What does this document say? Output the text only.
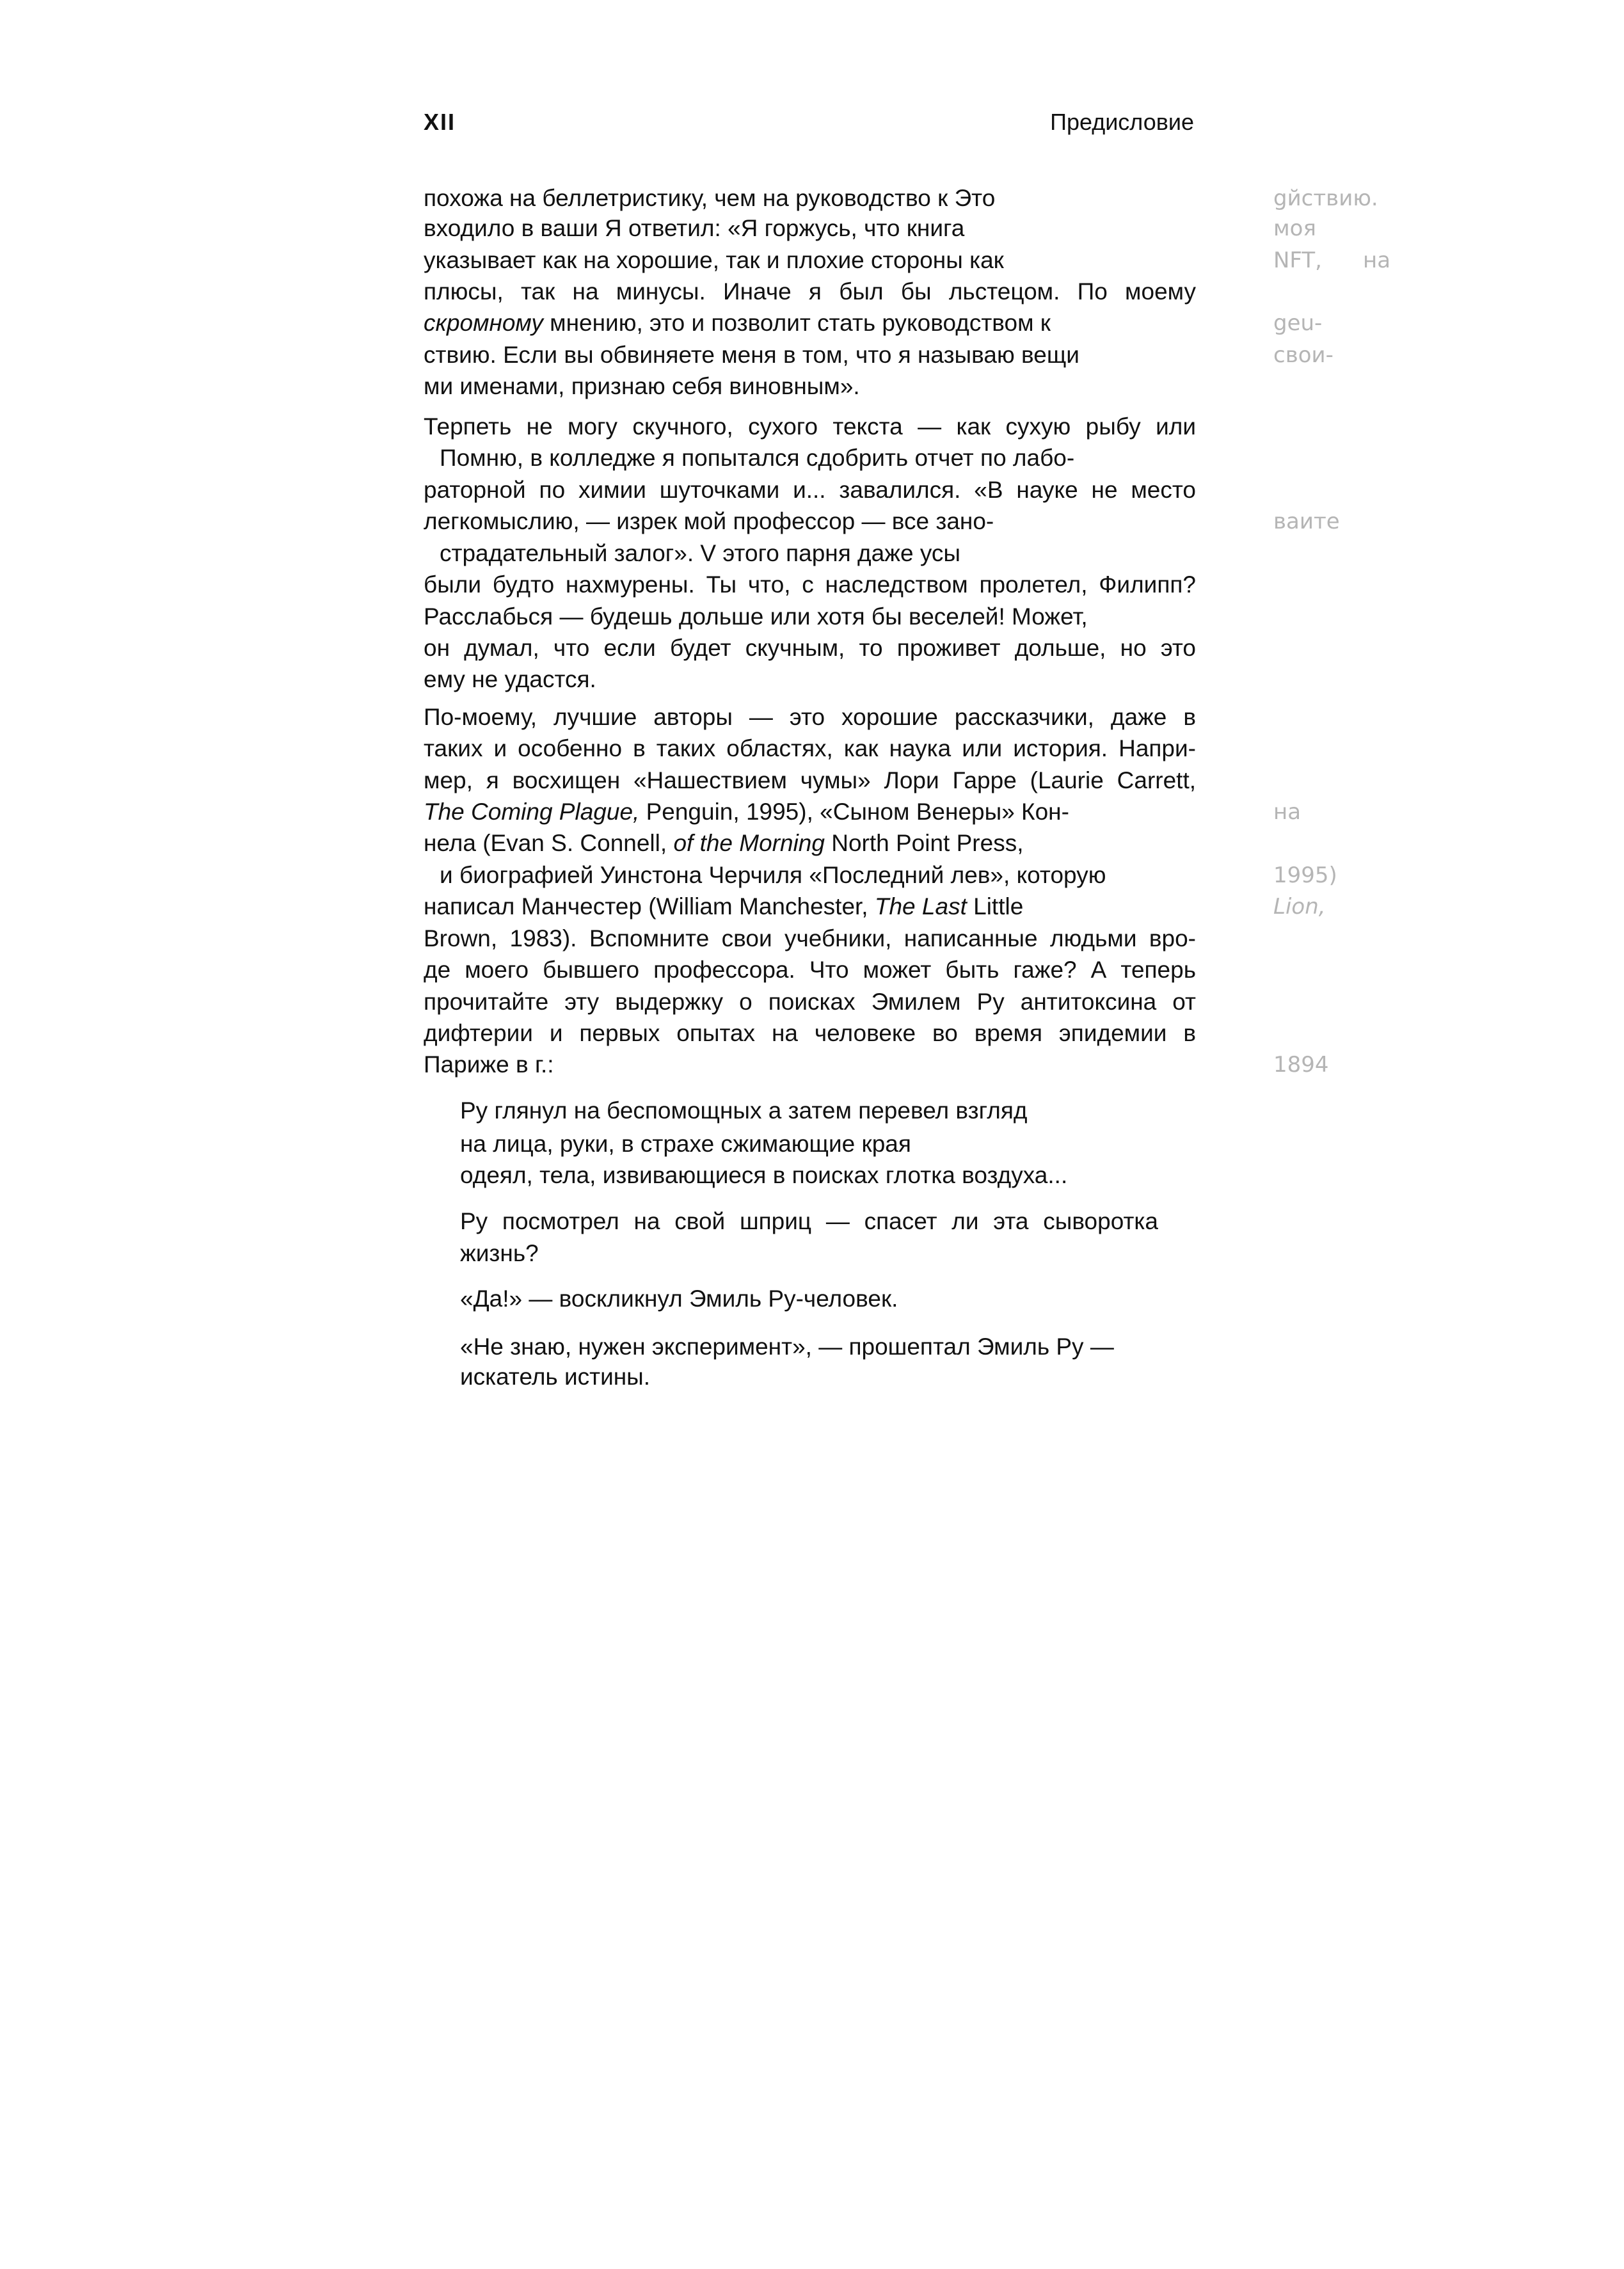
XII	Предисловие
похожа на беллетристику, чем на руководство к Это
входило в ваши Я ответил: «Я горжусь, что книга
указывает как на хорошие, так и плохие стороны как
плюсы, так на минусы. Иначе я был бы льстецом. По моему
скромному мнению, это и позволит стать руководством к
ствию. Если вы обвиняете меня в том, что я называю вещи
ми именами, признаю себя виновным».
Терпеть не могу скучного, сухого текста — как сухую рыбу или
Помню, в колледже я попытался сдобрить отчет по лабо-
раторной по химии шуточками и... завалился. «В науке не место
легкомыслию, — изрек мой профессор — все зано-
страдательный залог». V этого парня даже усы
были будто нахмурены. Ты что, с наследством пролетел, Филипп?
Расслабься — будешь дольше или хотя бы веселей! Может,
он думал, что если будет скучным, то проживет дольше, но это
ему не удастся.
По-моему, лучшие авторы — это хорошие рассказчики, даже в
таких и особенно в таких областях, как наука или история. Напри-
мер, я восхищен «Нашествием чумы» Лори Гарре (Laurie Carrett,
The Coming Plague, Penguin, 1995), «Сыном Венеры» Кон-
нела (Evan S. Connell, of the Morning North Point Press,
и биографией Уинстона Черчиля «Последний лев», которую
написал Манчестер (William Manchester, The Last Little
Brown, 1983). Вспомните свои учебники, написанные людьми вро-
де моего бывшего профессора. Что может быть гаже? А теперь
прочитайте эту выдержку о поисках Эмилем Ру антитоксина от
дифтерии и первых опытах на человеке во время эпидемии в
Париже в г.:
Ру глянул на беспомощных а затем перевел взгляд
на лица, руки, в страхе сжимающие края
одеял, тела, извивающиеся в поисках глотка воздуха...
Ру посмотрел на свой шприц — спасет ли эта сыворотка
жизнь?
«Да!» — воскликнул Эмиль Ру-человек.
«Не знаю, нужен эксперимент», — прошептал Эмиль Ру —
искатель истины.
gйствию.
моя
NFT, на
geu-
свои-
ваите
на
1995)
Lion,
1894
